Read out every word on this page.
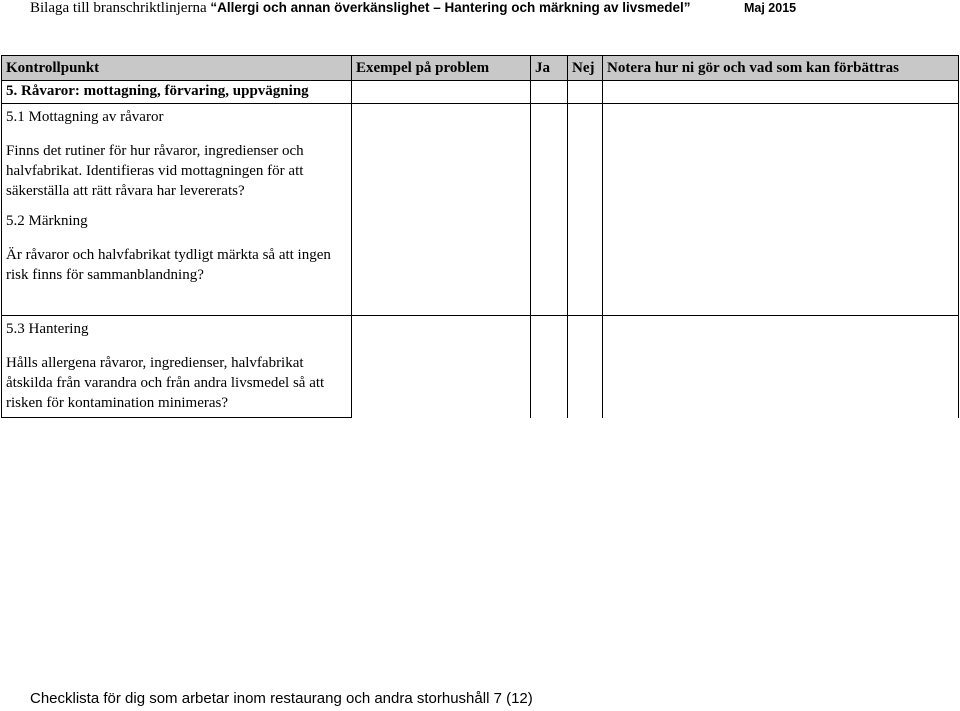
Bilaga till branschriktlinjerna “Allergi och annan överkänslighet – Hantering och märkning av livsmedel”	Maj 2015
Kontrollpunkt	Exempel på problem	Ja	Nej	Notera hur ni gör och vad som kan förbättras
5. Råvaror: mottagning, förvaring, uppvägning				

5.1 Mottagning av råvaror
Finns det rutiner för hur råvaror, ingredienser och halvfabrikat. Identifieras vid mottagningen för att säkerställa att rätt råvara har levererats?
5.2 Märkning
Är råvaror och halvfabrikat tydligt märkta så att ingen risk finns för sammanblandning?				

5.3 Hantering
Hålls allergena råvaror, ingredienser, halvfabrikat åtskilda från varandra och från andra livsmedel så att risken för kontamination minimeras?				

Checklista för dig som arbetar inom restaurang och andra storhushåll 7 (12)
